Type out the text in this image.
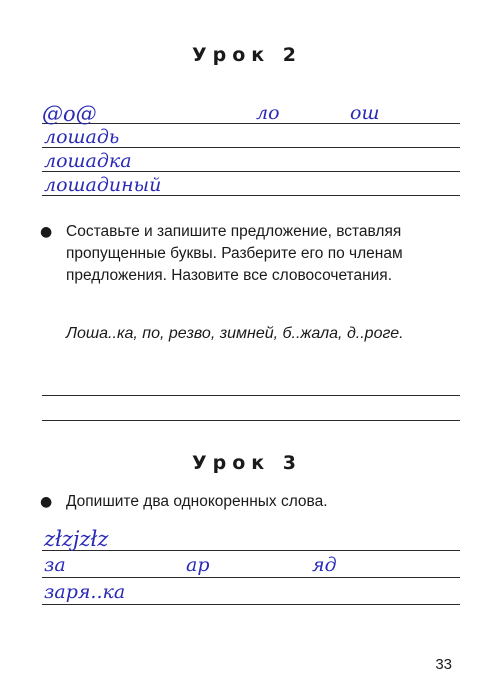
Урок 2
@o@	ло	ош
лошадь
лошадка
лошадиный
● Составьте и запишите предложение, вставляя пропущенные буквы. Разберите его по членам предложения. Назовите все словосочетания.
Лоша..ка, по, резво, зимней, б..жала, д..роге.
Урок 3
● Допишите два однокоренных слова.
złzjzłz
за	ар	яд
заря..ка
33
